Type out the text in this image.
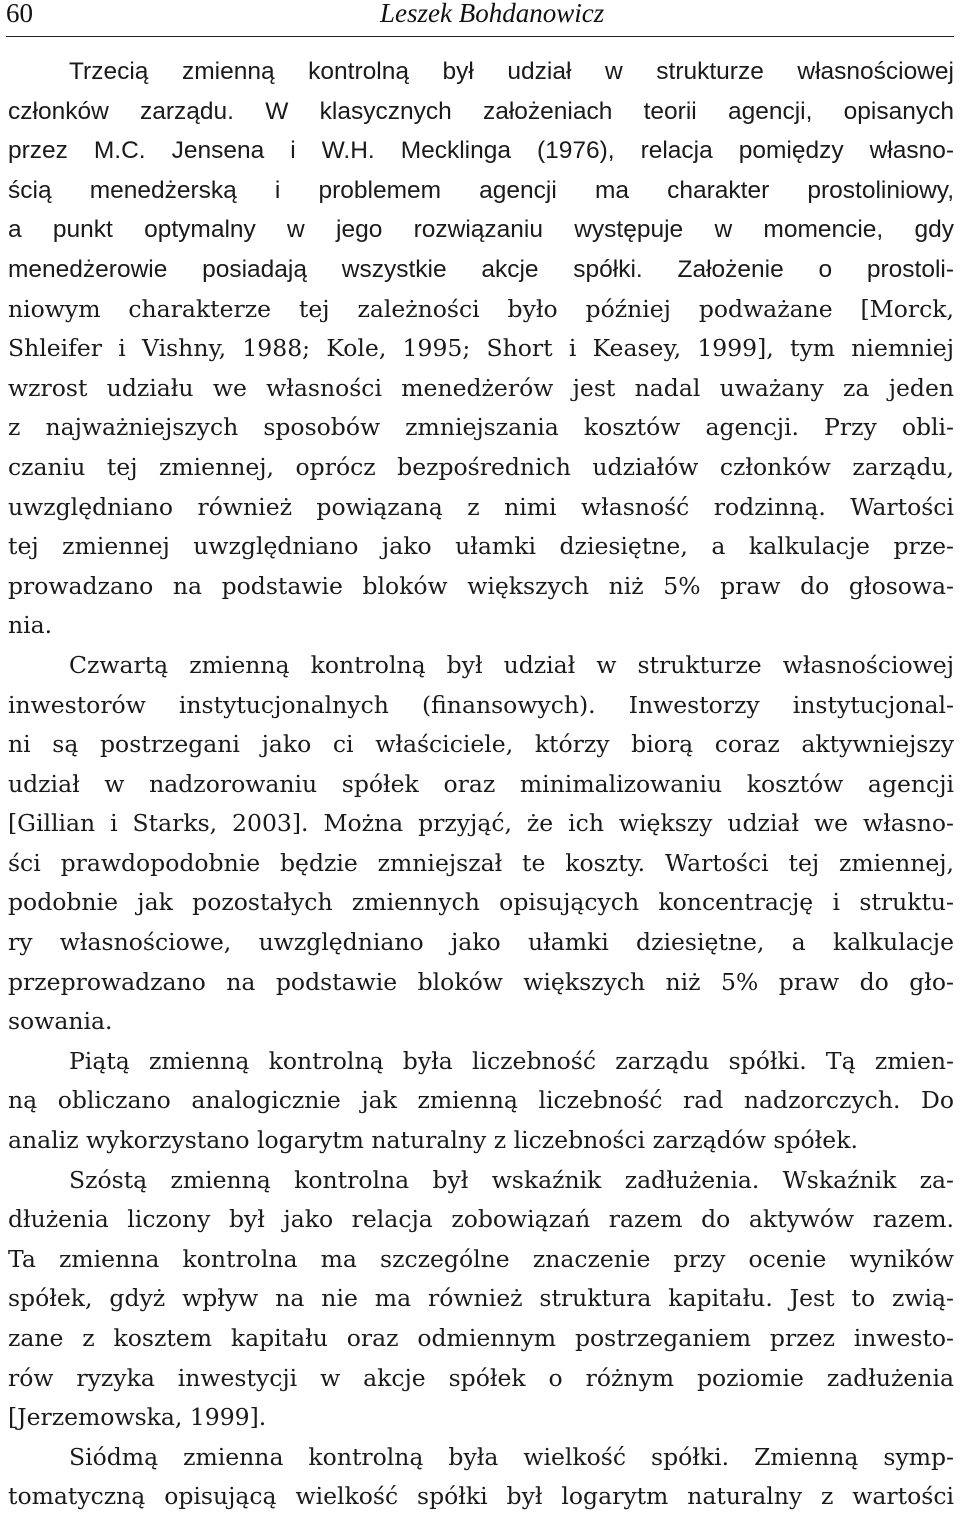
60	Leszek Bohdanowicz
Trzecią zmienną kontrolną był udział w strukturze własnościowej
członków zarządu. W klasycznych założeniach teorii agencji, opisanych
przez M.C. Jensena i W.H. Mecklinga (1976), relacja pomiędzy własno-
ścią menedżerską i problemem agencji ma charakter prostoliniowy,
a punkt optymalny w jego rozwiązaniu występuje w momencie, gdy
menedżerowie posiadają wszystkie akcje spółki. Założenie o prostoli-
niowym charakterze tej zależności było później podważane [Morck,
Shleifer i Vishny, 1988; Kole, 1995; Short i Keasey, 1999], tym niemniej
wzrost udziału we własności menedżerów jest nadal uważany za jeden
z najważniejszych sposobów zmniejszania kosztów agencji. Przy obli-
czaniu tej zmiennej, oprócz bezpośrednich udziałów członków zarządu,
uwzględniano również powiązaną z nimi własność rodzinną. Wartości
tej zmiennej uwzględniano jako ułamki dziesiętne, a kalkulacje prze-
prowadzano na podstawie bloków większych niż 5% praw do głosowa-
nia.
Czwartą zmienną kontrolną był udział w strukturze własnościowej
inwestorów instytucjonalnych (finansowych). Inwestorzy instytucjonal-
ni są postrzegani jako ci właściciele, którzy biorą coraz aktywniejszy
udział w nadzorowaniu spółek oraz minimalizowaniu kosztów agencji
[Gillian i Starks, 2003]. Można przyjąć, że ich większy udział we własno-
ści prawdopodobnie będzie zmniejszał te koszty. Wartości tej zmiennej,
podobnie jak pozostałych zmiennych opisujących koncentrację i struktu-
ry własnościowe, uwzględniano jako ułamki dziesiętne, a kalkulacje
przeprowadzano na podstawie bloków większych niż 5% praw do gło-
sowania.
Piątą zmienną kontrolną była liczebność zarządu spółki. Tą zmien-
ną obliczano analogicznie jak zmienną liczebność rad nadzorczych. Do
analiz wykorzystano logarytm naturalny z liczebności zarządów spółek.
Szóstą zmienną kontrolna był wskaźnik zadłużenia. Wskaźnik za-
dłużenia liczony był jako relacja zobowiązań razem do aktywów razem.
Ta zmienna kontrolna ma szczególne znaczenie przy ocenie wyników
spółek, gdyż wpływ na nie ma również struktura kapitału. Jest to zwią-
zane z kosztem kapitału oraz odmiennym postrzeganiem przez inwesto-
rów ryzyka inwestycji w akcje spółek o różnym poziomie zadłużenia
[Jerzemowska, 1999].
Siódmą zmienna kontrolną była wielkość spółki. Zmienną symp-
tomatyczną opisującą wielkość spółki był logarytm naturalny z wartości
